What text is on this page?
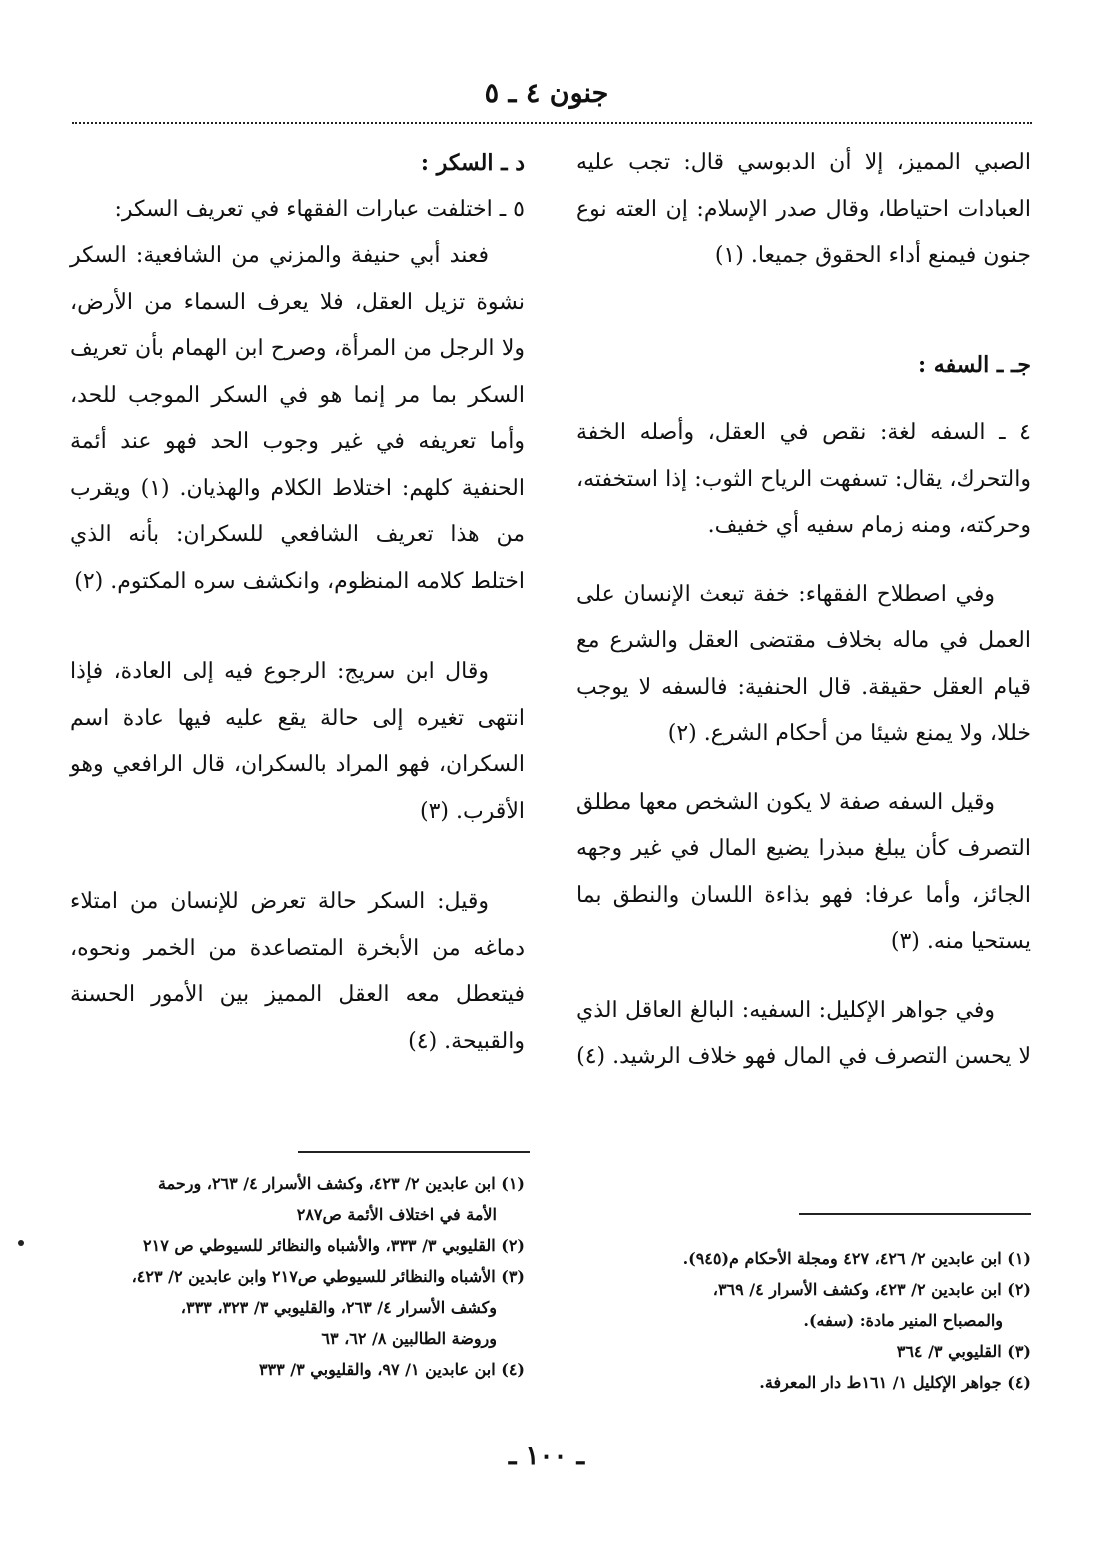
جنون ٤ ـ ٥

الصبي المميز، إلا أن الدبوسي قال: تجب عليه العبادات احتياطا، وقال صدر الإسلام: إن العته نوع جنون فيمنع أداء الحقوق جميعا. (١)

جـ ـ السفه :

٤ ـ السفه لغة: نقص في العقل، وأصله الخفة والتحرك، يقال: تسفهت الرياح الثوب: إذا استخفته، وحركته، ومنه زمام سفيه أي خفيف.

وفي اصطلاح الفقهاء: خفة تبعث الإنسان على العمل في ماله بخلاف مقتضى العقل والشرع مع قيام العقل حقيقة. قال الحنفية: فالسفه لا يوجب خللا، ولا يمنع شيئا من أحكام الشرع. (٢)

وقيل السفه صفة لا يكون الشخص معها مطلق التصرف كأن يبلغ مبذرا يضيع المال في غير وجهه الجائز، وأما عرفا: فهو بذاءة اللسان والنطق بما يستحيا منه. (٣)

وفي جواهر الإكليل: السفيه: البالغ العاقل الذي لا يحسن التصرف في المال فهو خلاف الرشيد. (٤)

د ـ السكر :

٥ ـ اختلفت عبارات الفقهاء في تعريف السكر:

فعند أبي حنيفة والمزني من الشافعية: السكر نشوة تزيل العقل، فلا يعرف السماء من الأرض، ولا الرجل من المرأة، وصرح ابن الهمام بأن تعريف السكر بما مر إنما هو في السكر الموجب للحد، وأما تعريفه في غير وجوب الحد فهو عند أئمة الحنفية كلهم: اختلاط الكلام والهذيان. (١) ويقرب من هذا تعريف الشافعي للسكران: بأنه الذي اختلط كلامه المنظوم، وانكشف سره المكتوم. (٢)

وقال ابن سريج: الرجوع فيه إلى العادة، فإذا انتهى تغيره إلى حالة يقع عليه فيها عادة اسم السكران، فهو المراد بالسكران، قال الرافعي وهو الأقرب. (٣)

وقيل: السكر حالة تعرض للإنسان من امتلاء دماغه من الأبخرة المتصاعدة من الخمر ونحوه، فيتعطل معه العقل المميز بين الأمور الحسنة والقبيحة. (٤)

(١) ابن عابدين ٢/ ٤٢٦، ٤٢٧ ومجلة الأحكام م(٩٤٥).

(٢) ابن عابدين ٢/ ٤٢٣، وكشف الأسرار ٤/ ٣٦٩،

والمصباح المنير مادة: (سفه).

(٣) القليوبي ٣/ ٣٦٤

(٤) جواهر الإكليل ١/ ١٦١ط دار المعرفة.

(١) ابن عابدين ٢/ ٤٢٣، وكشف الأسرار ٤/ ٢٦٣، ورحمة

الأمة في اختلاف الأئمة ص٢٨٧

(٢) القليوبي ٣/ ٣٣٣، والأشباه والنظائر للسيوطي ص ٢١٧

(٣) الأشباه والنظائر للسيوطي ص٢١٧ وابن عابدين ٢/ ٤٢٣،

وكشف الأسرار ٤/ ٢٦٣، والقليوبي ٣/ ٣٢٣، ٣٣٣،

وروضة الطالبين ٨/ ٦٢، ٦٣

(٤) ابن عابدين ١/ ٩٧، والقليوبي ٣/ ٣٣٣

ـ ١٠٠ ـ
